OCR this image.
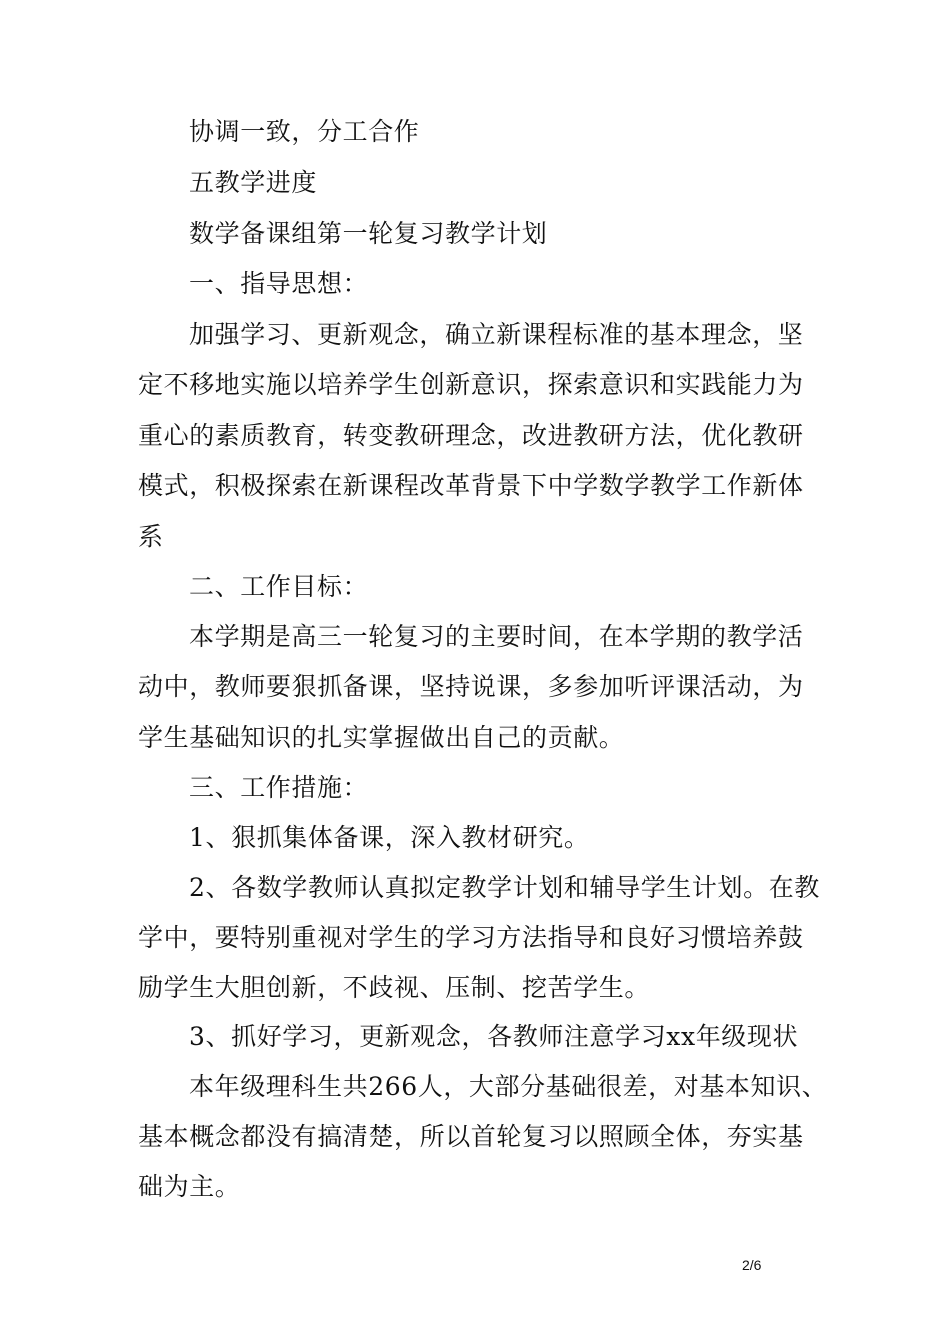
协调一致，分工合作
五教学进度
数学备课组第一轮复习教学计划
一、指导思想：
加强学习、更新观念，确立新课程标准的基本理念，坚
定不移地实施以培养学生创新意识，探索意识和实践能力为
重心的素质教育，转变教研理念，改进教研方法，优化教研
模式，积极探索在新课程改革背景下中学数学教学工作新体
系
二、工作目标：
本学期是高三一轮复习的主要时间，在本学期的教学活
动中，教师要狠抓备课，坚持说课，多参加听评课活动，为
学生基础知识的扎实掌握做出自己的贡献。
三、工作措施：
1、狠抓集体备课，深入教材研究。
2、各数学教师认真拟定教学计划和辅导学生计划。在教
学中，要特别重视对学生的学习方法指导和良好习惯培养鼓
励学生大胆创新，不歧视、压制、挖苦学生。
3、抓好学习，更新观念，各教师注意学习xx年级现状
本年级理科生共266人，大部分基础很差，对基本知识、
基本概念都没有搞清楚，所以首轮复习以照顾全体，夯实基
础为主。
2/6
